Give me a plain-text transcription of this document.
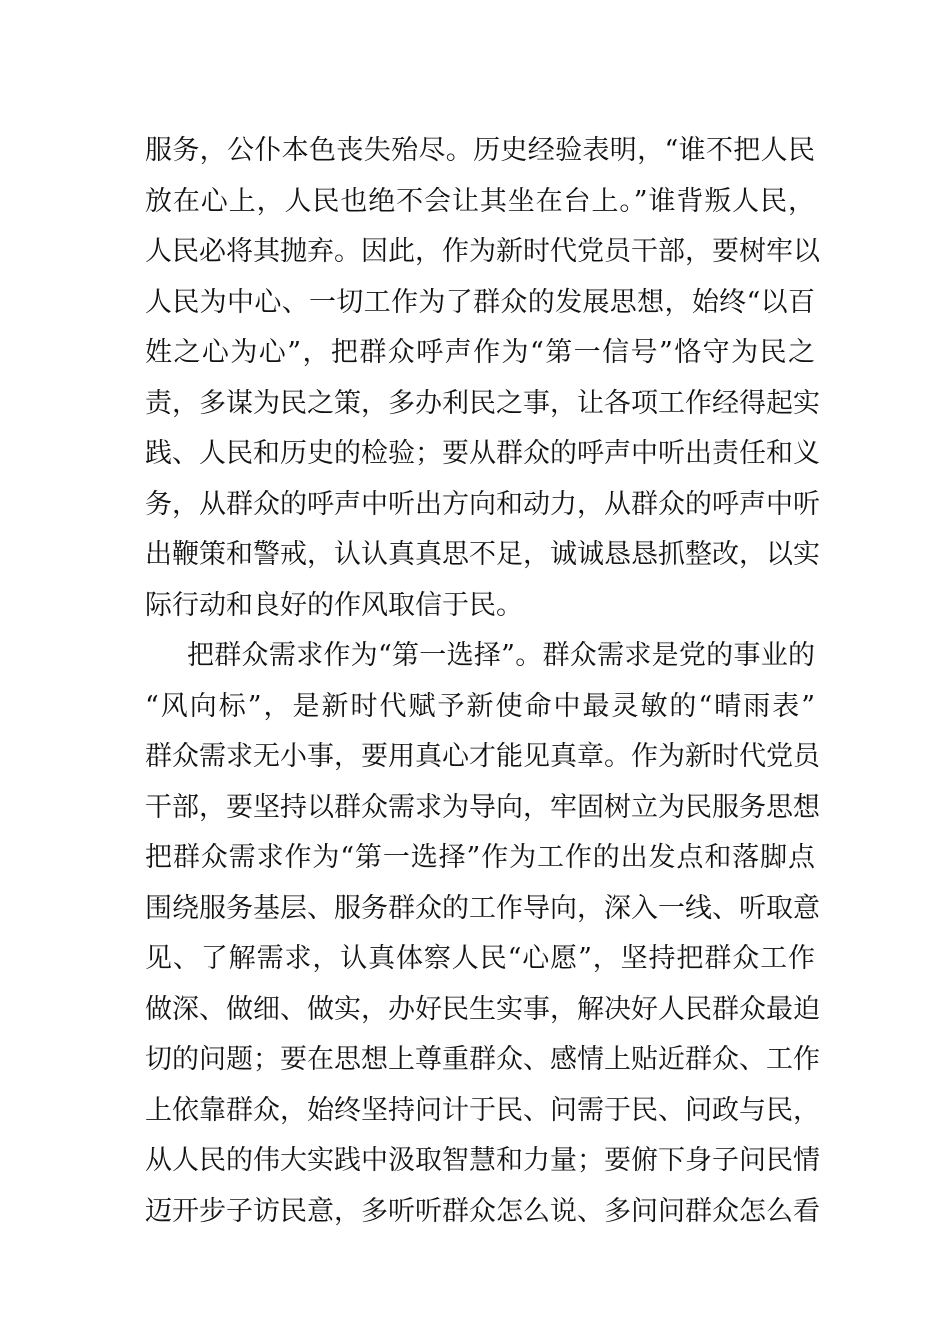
服务，公仆本色丧失殆尽。历史经验表明，“谁不把人民
放在心上，人民也绝不会让其坐在台上。”谁背叛人民，
人民必将其抛弃。因此，作为新时代党员干部，要树牢以
人民为中心、一切工作为了群众的发展思想，始终“以百
姓之心为心”，把群众呼声作为“第一信号”恪守为民之
责，多谋为民之策，多办利民之事，让各项工作经得起实
践、人民和历史的检验；要从群众的呼声中听出责任和义
务，从群众的呼声中听出方向和动力，从群众的呼声中听
出鞭策和警戒，认认真真思不足，诚诚恳恳抓整改，以实
际行动和良好的作风取信于民。
把群众需求作为“第一选择”。群众需求是党的事业的
“风向标”，是新时代赋予新使命中最灵敏的“晴雨表”
群众需求无小事，要用真心才能见真章。作为新时代党员
干部，要坚持以群众需求为导向，牢固树立为民服务思想
把群众需求作为“第一选择”作为工作的出发点和落脚点
围绕服务基层、服务群众的工作导向，深入一线、听取意
见、了解需求，认真体察人民“心愿”，坚持把群众工作
做深、做细、做实，办好民生实事，解决好人民群众最迫
切的问题；要在思想上尊重群众、感情上贴近群众、工作
上依靠群众，始终坚持问计于民、问需于民、问政与民，
从人民的伟大实践中汲取智慧和力量；要俯下身子问民情
迈开步子访民意，多听听群众怎么说、多问问群众怎么看
